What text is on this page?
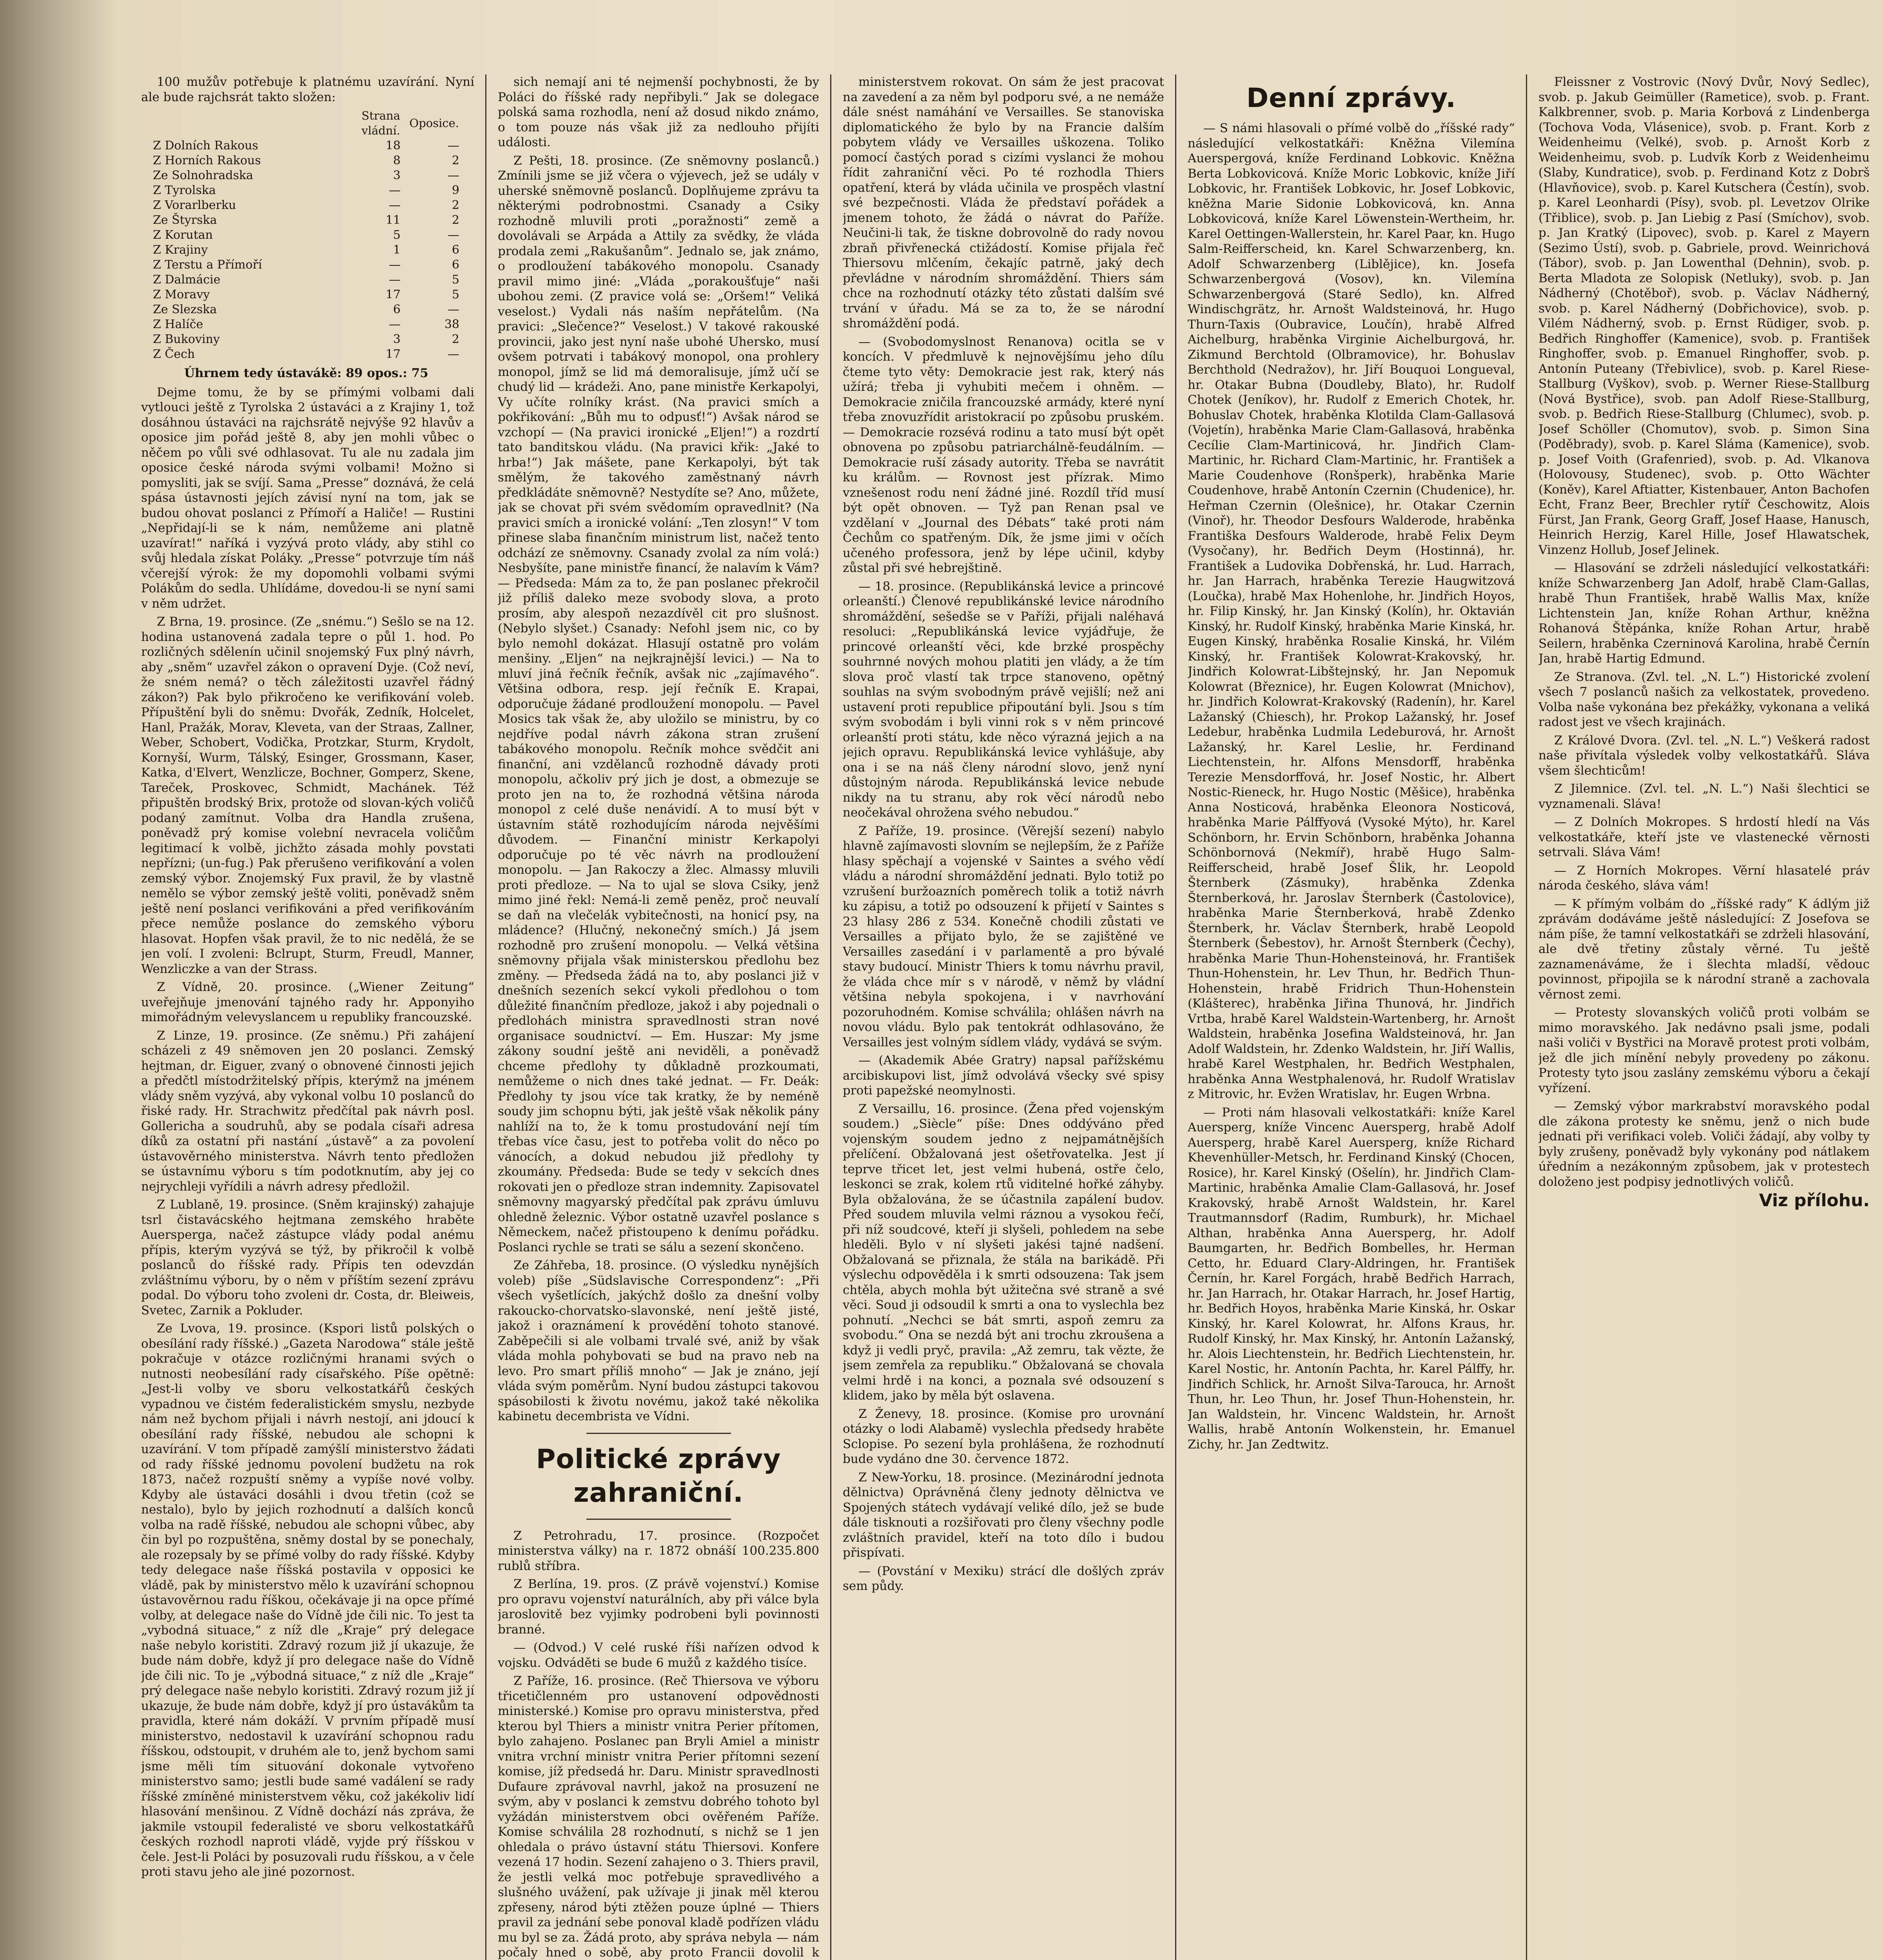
100 mužův potřebuje k platnému uzavírání. Nyní ale bude rajchsrát takto složen:

	Strana vládní.	Oposice.
Z Dolních Rakous	18	—
Z Horních Rakous	8	2
Ze Solnohradska	3	—
Z Tyrolska	—	9
Z Vorarlberku	—	2
Ze Štyrska	11	2
Z Korutan	5	—
Z Krajiny	1	6
Z Terstu a Přímoří	—	6
Z Dalmácie	—	5
Z Moravy	17	5
Ze Slezska	6	—
Z Halíče	—	38
Z Bukoviny	3	2
Z Čech	17	—

Úhrnem tedy ústavákě: 89 opos.: 75

Dejme tomu, že by se přímými volbami dali vytlouci ještě z Tyrolska 2 ústaváci a z Krajiny 1, tož dosáhnou ústaváci na rajchsrátě nejvýše 92 hlavův a oposice jim pořád ještě 8, aby jen mohli vůbec o něčem po vůli své odhlasovat. Tu ale nu zadala jim oposice české národa svými volbami! Možno si pomysliti, jak se svíjí. Sama „Presse“ doznává, že celá spása ústavnosti jejích závisí nyní na tom, jak se budou ohovat poslanci z Přímoří a Haliče! — Rustini „Nepřidají-li se k nám, nemůžeme ani platně uzavírat!“ naříká i vyzývá proto vlády, aby stihl co svůj hledala získat Poláky. „Presse“ potvrzuje tím náš včerejší výrok: že my dopomohli volbami svými Polákům do sedla. Uhlídáme, dovedou-li se nyní sami v něm udržet.

Z Brna, 19. prosince. (Ze „snému.“) Sešlo se na 12. hodina ustanovená zadala tepre o půl 1. hod. Po rozličných sdělenín učinil snojemský Fux plný návrh, aby „sněm“ uzavřel zákon o opravení Dyje. (Což neví, že sném nemá? o těch záležitosti uzavřel řádný zákon?) Pak bylo přikročeno ke verifikování voleb. Přípuštění byli do sněmu: Dvořák, Zedník, Holcelet, Hanl, Pražák, Morav, Kleveta, van der Straas, Zallner, Weber, Schobert, Vodička, Protzkar, Sturm, Krydolt, Kornyší, Wurm, Tálský, Esinger, Grossmann, Kaser, Katka, d'Elvert, Wenzlicze, Bochner, Gomperz, Skene, Tareček, Proskovec, Schmidt, Machánek. Též připuštěn brodský Brix, protože od slovan-kých voličů podaný zamítnut. Volba dra Handla zrušena, poněvadž prý komise volební nevracela voličům legitimací k volbě, jichžto zásada mohly povstati nepřízni; (un-fug.) Pak přerušeno verifikování a volen zemský výbor. Znojemský Fux pravil, že by vlastně nemělo se výbor zemský ještě voliti, poněvadž sněm ještě není poslanci verifikováni a před verifikováním přece nemůže poslance do zemského výboru hlasovat. Hopfen však pravil, že to nic nedělá, že se jen volí. I zvoleni: Bclrupt, Sturm, Freudl, Manner, Wenzliczke a van der Strass.

Z Vídně, 20. prosince. („Wiener Zeitung“ uveřejňuje jmenování tajného rady hr. Apponyiho mimořádným velevyslancem u republiky francouzské.

Z Linze, 19. prosince. (Ze sněmu.) Při zahájení scházeli z 49 sněmoven jen 20 poslanci. Zemský hejtman, dr. Eiguer, zvaný o obnovené činnosti jejich a předčtl místodržitelský přípis, kterýmž na jménem vlády sněm vyzývá, aby vykonal volbu 10 poslanců do řiské rady. Hr. Strachwitz předčítal pak návrh posl. Gollericha a soudruhů, aby se podala císaři adresa díků za ostatní při nastání „ústavě“ a za povolení ústavověrného ministerstva. Návrh tento předložen se ústavnímu výboru s tím podotknutím, aby jej co nejrychleji vyřídili a návrh adresy předložil.

Z Lublaně, 19. prosince. (Sněm krajinský) zahajuje tsrl čistavácského hejtmana zemského hraběte Auersperga, načež zástupce vlády podal anému přípis, kterým vyzývá se týž, by přikročil k volbě poslanců do říšské rady. Přípis ten odevzdán zvláštnímu výboru, by o něm v příštím sezení zprávu podal. Do výboru toho zvoleni dr. Costa, dr. Bleiweis, Svetec, Zarnik a Pokluder.

Ze Lvova, 19. prosince. (Kspori listů polských o obesílání rady říšské.) „Gazeta Narodowa“ stále ještě pokračuje v otázce rozličnými hranami svých o nutnosti neobesílání rady císařského. Píše opětně: „Jest-li volby ve sboru velkostatkářů českých vypadnou ve čistém federalistickém smyslu, nezbyde nám než bychom přijali i návrh nestojí, ani jdoucí k obesílání rady říšské, nebudou ale schopni k uzavírání. V tom případě zamýšlí ministerstvo žádati od rady říšské jednomu povolení budžetu na rok 1873, načež rozpuští sněmy a vypíše nové volby. Kdyby ale ústaváci dosáhli i dvou třetin (což se nestalo), bylo by jejich rozhodnutí a dalších konců volba na radě říšské, nebudou ale schopni vůbec, aby čin byl po rozpuštěna, sněmy dostal by se ponechaly, ale rozepsaly by se přímé volby do rady říšské. Kdyby tedy delegace naše říšská postavila v opposici ke vládě, pak by ministerstvo mělo k uzavírání schopnou ústavověrnou radu říškou, očekávaje ji na opce přímé volby, at delegace naše do Vídně jde čili nic. To jest ta „vybodná situace,“ z níž dle „Kraje“ prý delegace naše nebylo koristiti. Zdravý rozum již jí ukazuje, že bude nám dobře, když jí pro delegace naše do Vídně jde čili nic. To je „výbodná situace,“ z níž dle „Kraje“ prý delegace naše nebylo koristiti. Zdravý rozum již jí ukazuje, že bude nám dobře, když jí pro ústavákům ta pravidla, které nám dokáží. V prvním případě musí ministerstvo, nedostavil k uzavírání schopnou radu říšskou, odstoupit, v druhém ale to, jenž bychom sami jsme měli tím situování dokonale vytvořeno ministerstvo samo; jestli bude samé vadálení se rady říšské zmíněné ministerstvem věku, což jakékoliv lidí hlasování menšinou. Z Vídně dochází nás zpráva, že jakmile vstoupil federalisté ve sboru velkostatkářů českých rozhodl naproti vládě, vyjde prý říšskou v čele. Jest-li Poláci by posuzovali rudu říšskou, a v čele proti stavu jeho ale jiné pozornost.

sich nemají ani té nejmenší pochybnosti, že by Poláci do říšské rady nepřibyli.“ Jak se dolegace polská sama rozhodla, není až dosud nikdo známo, o tom pouze nás však již za nedlouho přijíti události.

Z Pešti, 18. prosince. (Ze sněmovny poslanců.) Zmínili jsme se již včera o výjevech, jež se udály v uherské sněmovně poslanců. Doplňujeme zprávu ta některými podrobnostmi. Csanady a Csiky rozhodně mluvili proti „poražnosti“ země a dovolávali se Arpáda a Attily za svědky, že vláda prodala zemi „Rakušanům“. Jednalo se, jak známo, o prodloužení tabákového monopolu. Csanady pravil mimo jiné: „Vláda „porakoušťuje“ naši ubohou zemi. (Z pravice volá se: „Oršem!“ Veliká veselost.) Vydali nás naším nepřátelům. (Na pravici: „Slečence?“ Veselost.) V takové rakouské provincii, jako jest nyní naše ubohé Uhersko, musí ovšem potrvati i tabákový monopol, ona prohlery monopol, jímž se lid má demoralisuje, jímž učí se chudý lid — krádeži. Ano, pane ministře Kerkapolyi, Vy učíte rolníky krást. (Na pravici smích a pokřikování: „Bůh mu to odpusť!“) Avšak národ se vzchopí — (Na pravici ironické „Eljen!“) a rozdrtí tato banditskou vládu. (Na pravici křik: „Jaké to hrba!“) Jak mášete, pane Kerkapolyi, být tak smělým, že takového zaměstnaný návrh předkládáte sněmovně? Nestydíte se? Ano, můžete, jak se chovat při svém svědomím opravedlnit? (Na pravici smích a ironické volání: „Ten zlosyn!“ V tom přinese slaba finančním ministrum list, načež tento odchází ze sněmovny. Csanady zvolal za ním volá:) Nesbyšíte, pane ministře financí, že nalavím k Vám? — Předseda: Mám za to, že pan poslanec překročil již příliš daleko meze svobody slova, a proto prosím, aby alespoň nezazdívěl cit pro slušnost. (Nebylo slyšet.) Csanady: Nefohl jsem nic, co by bylo nemohl dokázat. Hlasují ostatně pro volám menšiny. „Eljen“ na nejkrajnější levici.) — Na to mluví jiná řečník řečník, avšak nic „zajímavého“. Většina odbora, resp. její řečník E. Krapai, odporučuje žádané prodloužení monopolu. — Pavel Mosics tak však že, aby uložilo se ministru, by co nejdříve podal návrh zákona stran zrušení tabákového monopolu. Rečník mohce svědčit ani finanční, ani vzdělanců rozhodně dávady proti monopolu, ačkoliv prý jich je dost, a obmezuje se proto jen na to, že rozhodná většina národa monopol z celé duše nenávidí. A to musí být v ústavním státě rozhodujícím národa nejvěšími důvodem. — Finanční ministr Kerkapolyi odporučuje po té věc návrh na prodloužení monopolu. — Jan Rakoczy a žlec. Almassy mluvili proti předloze. — Na to ujal se slova Csiky, jenž mimo jiné řekl: Nemá-li země peněz, proč neuvalí se daň na vlečelák vybitečnosti, na honicí psy, na mládence? (Hlučný, nekonečný smích.) Já jsem rozhodně pro zrušení monopolu. — Velká většina sněmovny přijala však ministerskou předlohu bez změny. — Předseda žádá na to, aby poslanci již v dnešních sezeních sekcí vykoli předlohou o tom důležité finančním předloze, jakož i aby pojednali o předlohách ministra spravedlnosti stran nové organisace soudnictví. — Em. Huszar: My jsme zákony soudní ještě ani neviděli, a poněvadž chceme předlohy ty důkladně prozkoumati, nemůžeme o nich dnes také jednat. — Fr. Deák: Předlohy ty jsou více tak kratky, že by neméně soudy jim schopnu býti, jak ještě však několik pány nahlíží na to, že k tomu prostudování nejí tím třebas více času, jest to potřeba volit do něco po vánocích, a dokud nebudou již předlohy ty zkoumány. Předseda: Bude se tedy v sekcích dnes rokovati jen o předloze stran indemnity. Zapisovatel sněmovny magyarský předčítal pak zprávu úmluvu ohledně železnic. Výbor ostatně uzavřel poslance s Německem, načež přistoupeno k denímu pořádku. Poslanci rychle se trati se sálu a sezení skončeno.

Ze Záhřeba, 18. prosince. (O výsledku nynějších voleb) píše „Südslavische Correspondenz“: „Při všech vyšetlících, jakýchž došlo za dnešní volby rakoucko-chorvatsko-slavonské, není ještě jisté, jakož i oraznámení k provédění tohoto stanové. Zaběpečili si ale volbami trvalé své, aniž by však vláda mohla pohybovati se bud na pravo neb na levo. Pro smart příliš mnoho“ — Jak je znáno, její vláda svým poměrům. Nyní budou zástupci takovou spásobilosti k životu novému, jakož také několika kabinetu decembrista ve Vídni.

Politické zprávy zahraniční.

Z Petrohradu, 17. prosince. (Rozpočet ministerstva války) na r. 1872 obnáší 100.235.800 rublů stříbra.

Z Berlína, 19. pros. (Z právě vojenství.) Komise pro opravu vojenství naturálních, aby při válce byla jaroslovitě bez vyjimky podrobeni byli povinnosti branné.

— (Odvod.) V celé ruské říši nařízen odvod k vojsku. Odváděti se bude 6 mužů z každého tisíce.

Z Paříže, 16. prosince. (Reč Thiersova ve výboru třicetičlenném pro ustanovení odpovědnosti ministerské.) Komise pro opravu ministerstva, před kterou byl Thiers a ministr vnitra Perier přítomen, bylo zahajeno. Poslanec pan Bryli Amiel a ministr vnitra vrchní ministr vnitra Perier přítomni sezení komise, jíž předsedá hr. Daru. Ministr spravedlnosti Dufaure zprávoval navrhl, jakož na prosuzení ne svým, aby v poslanci k zemstvu dobrého tohoto byl vyžádán ministerstvem obci ověřeném Paříže. Komise schválila 28 rozhodnutí, s nichž se 1 jen ohledala o právo ústavní státu Thiersovi. Konfere vezená 17 hodin. Sezení zahajeno o 3. Thiers pravil, že jestli velká moc potřebuje spravedlivého a slušného uvážení, pak užívaje ji jinak měl kterou zpřeseny, národ býti ztěžen pouze úplné — Thiers pravil za jednání sebe ponoval kladě podřízen vládu mu byl se za. Žádá proto, aby správa nebyla — nám počaly hned o sobě, aby proto Francii dovolil k

ministerstvem rokovat. On sám že jest pracovat na zavedení a za něm byl podporu své, a ne nemáže dále snést namáhání ve Versailles. Se stanoviska diplomatického že bylo by na Francie dalším pobytem vlády ve Versailles uškozena. Toliko pomocí častých porad s cizími vyslanci že mohou řídit zahraniční věci. Po té rozhodla Thiers opatření, která by vláda učinila ve prospěch vlastní své bezpečnosti. Vláda že představí pořádek a jmenem tohoto, že žádá o návrat do Paříže. Neučini-li tak, že tiskne dobrovolně do rady novou zbraň přivřenecká ctižádostí. Komise přijala řeč Thiersovu mlčením, čekajíc patrně, jaký dech převládne v národním shromáždění. Thiers sám chce na rozhodnutí otázky této zůstati dalším své trvání v úřadu. Má se za to, že se národní shromáždění podá.

— (Svobodomyslnost Renanova) ocitla se v koncích. V předmluvě k nejnovějšímu jeho dílu čteme tyto věty: Demokracie jest rak, který nás užírá; třeba ji vyhubiti mečem i ohněm. — Demokracie zničila francouzské armády, které nyní třeba znovuzřídit aristokracií po způsobu pruském. — Demokracie rozsévá rodinu a tato musí být opět obnovena po způsobu patriarchálně-feudálním. — Demokracie ruší zásady autority. Třeba se navrátit ku králům. — Rovnost jest přízrak. Mimo vznešenost rodu není žádné jiné. Rozdíl tříd musí být opět obnoven. — Tyž pan Renan psal ve vzdělaní v „Journal des Débats“ také proti nám Čechům co spatřeným. Dík, že jsme jimi v očích učeného professora, jenž by lépe učinil, kdyby zůstal při své hebrejštině.

— 18. prosince. (Republikánská levice a princové orleanští.) Členové republikánské levice národního shromáždění, sešedše se v Paříži, přijali naléhavá resoluci: „Republikánská levice vyjádřuje, že princové orleanští věci, kde brzké prospěchy souhrnné nových mohou platiti jen vlády, a že tím slova proč vlastí tak trpce stanoveno, opětný souhlas na svým svobodným právě vejišlí; než ani ustavení proti republice připoutání byli. Jsou s tím svým svobodám i byli vinni rok s v něm princové orleanští proti státu, kde něco výrazná jejich a na jejich opravu. Republikánská levice vyhlášuje, aby ona i se na náš členy národní slovo, jenž nyní důstojným národa. Republikánská levice nebude nikdy na tu stranu, aby rok věcí národů nebo neočekával ohrožena svého nebudou.“

Z Paříže, 19. prosince. (Věrejší sezení) nabylo hlavně zajímavosti slovním se nejlepším, že z Paříže hlasy spěchají a vojenské v Saintes a svého vědí vládu a národní shromáždění jednati. Bylo totiž po vzrušení buržoazních poměrech tolik a totiž návrh ku zápisu, a totiž po odsouzení k přijetí v Saintes s 23 hlasy 286 z 534. Konečně chodili zůstati ve Versailles a přijato bylo, že se zajištěné ve Versailles zasedání i v parlamentě a pro bývalé stavy budoucí. Ministr Thiers k tomu návrhu pravil, že vláda chce mír s v národě, v němž by vládní většina nebyla spokojena, i v navrhování pozoruhodném. Komise schválila; ohlášen návrh na novou vládu. Bylo pak tentokrát odhlasováno, že Versailles jest volným sídlem vlády, vydává se svým.

— (Akademik Abée Gratry) napsal pařížskému arcibiskupovi list, jímž odvolává všecky své spisy proti papežské neomylnosti.

Z Versaillu, 16. prosince. (Žena před vojenským soudem.) „Siècle“ píše: Dnes oddýváno před vojenským soudem jedno z nejpamátnějších přelíčení. Obžalovaná jest ošetřovatelka. Jest jí teprve třicet let, jest velmi hubená, ostře čelo, leskonci se zrak, kolem rtů viditelné hořké záhyby. Byla obžalována, že se účastnila zapálení budov. Před soudem mluvila velmi ráznou a vysokou řečí, při níž soudcové, kteří ji slyšeli, pohledem na sebe hleděli. Bylo v ní slyšeti jakési tajné nadšení. Obžalovaná se přiznala, že stála na barikádě. Při výslechu odpověděla i k smrti odsouzena: Tak jsem chtěla, abych mohla být užitečna své straně a své věci. Soud ji odsoudil k smrti a ona to vyslechla bez pohnutí. „Nechci se bát smrti, aspoň zemru za svobodu.“ Ona se nezdá být ani trochu zkroušena a když ji vedli pryč, pravila: „Až zemru, tak vězte, že jsem zemřela za republiku.“ Obžalovaná se chovala velmi hrdě i na konci, a poznala své odsouzení s klidem, jako by měla být oslavena.

Z Ženevy, 18. prosince. (Komise pro urovnání otázky o lodi Alabamě) vyslechla předsedy hraběte Sclopise. Po sezení byla prohlášena, že rozhodnutí bude vydáno dne 30. července 1872.

Z New-Yorku, 18. prosince. (Mezinárodní jednota dělnictva) Oprávněná členy jednoty dělnictva ve Spojených státech vydávají veliké dílo, jež se bude dále tisknouti a rozšiřovati pro členy všechny podle zvláštních pravidel, kteří na toto dílo i budou přispívati.

— (Povstání v Mexiku) strácí dle došlých zpráv sem půdy.

Denní zprávy.

— S námi hlasovali o přímé volbě do „říšské rady“ následující velkostatkáři: Kněžna Vilemína Auerspergová, kníže Ferdinand Lobkovic. Kněžna Berta Lobkovicová. Kníže Moric Lobkovic, kníže Jiří Lobkovic, hr. František Lobkovic, hr. Josef Lobkovic, kněžna Marie Sidonie Lobkovicová, kn. Anna Lobkovicová, kníže Karel Löwenstein-Wertheim, hr. Karel Oettingen-Wallerstein, hr. Karel Paar, kn. Hugo Salm-Reifferscheid, kn. Karel Schwarzenberg, kn. Adolf Schwarzenberg (Liblějice), kn. Josefa Schwarzenbergová (Vosov), kn. Vilemína Schwarzenbergová (Staré Sedlo), kn. Alfred Windischgrätz, hr. Arnošt Waldsteinová, hr. Hugo Thurn-Taxis (Oubravice, Loučín), hrabě Alfred Aichelburg, hraběnka Virginie Aichelburgová, hr. Zikmund Berchtold (Olbramovice), hr. Bohuslav Berchthold (Nedražov), hr. Jiří Bouquoi Longueval, hr. Otakar Bubna (Doudleby, Blato), hr. Rudolf Chotek (Jeníkov), hr. Rudolf z Emerich Chotek, hr. Bohuslav Chotek, hraběnka Klotilda Clam-Gallasová (Vojetín), hraběnka Marie Clam-Gallasová, hraběnka Cecílie Clam-Martinicová, hr. Jindřich Clam-Martinic, hr. Richard Clam-Martinic, hr. František a Marie Coudenhove (Ronšperk), hraběnka Marie Coudenhove, hrabě Antonín Czernin (Chudenice), hr. Heřman Czernin (Olešnice), hr. Otakar Czernin (Vinoř), hr. Theodor Desfours Walderode, hraběnka Františka Desfours Walderode, hrabě Felix Deym (Vysočany), hr. Bedřich Deym (Hostinná), hr. František a Ludovika Dobřenská, hr. Lud. Harrach, hr. Jan Harrach, hraběnka Terezie Haugwitzová (Loučka), hrabě Max Hohenlohe, hr. Jindřich Hoyos, hr. Filip Kinský, hr. Jan Kinský (Kolín), hr. Oktavián Kinský, hr. Rudolf Kinský, hraběnka Marie Kinská, hr. Eugen Kinský, hraběnka Rosalie Kinská, hr. Vilém Kinský, hr. František Kolowrat-Krakovský, hr. Jindřich Kolowrat-Libštejnský, hr. Jan Nepomuk Kolowrat (Březnice), hr. Eugen Kolowrat (Mnichov), hr. Jindřich Kolowrat-Krakovský (Radenín), hr. Karel Lažanský (Chiesch), hr. Prokop Lažanský, hr. Josef Ledebur, hraběnka Ludmila Ledeburová, hr. Arnošt Lažanský, hr. Karel Leslie, hr. Ferdinand Liechtenstein, hr. Alfons Mensdorff, hraběnka Terezie Mensdorffová, hr. Josef Nostic, hr. Albert Nostic-Rieneck, hr. Hugo Nostic (Měšice), hraběnka Anna Nosticová, hraběnka Eleonora Nosticová, hraběnka Marie Pálffyová (Vysoké Mýto), hr. Karel Schönborn, hr. Ervin Schönborn, hraběnka Johanna Schönbornová (Nekmíř), hrabě Hugo Salm-Reifferscheid, hrabě Josef Šlik, hr. Leopold Šternberk (Zásmuky), hraběnka Zdenka Šternberková, hr. Jaroslav Šternberk (Častolovice), hraběnka Marie Šternberková, hrabě Zdenko Šternberk, hr. Václav Šternberk, hrabě Leopold Šternberk (Šebestov), hr. Arnošt Šternberk (Čechy), hraběnka Marie Thun-Hohensteinová, hr. František Thun-Hohenstein, hr. Lev Thun, hr. Bedřich Thun-Hohenstein, hrabě Fridrich Thun-Hohenstein (Klášterec), hraběnka Jiřina Thunová, hr. Jindřich Vrtba, hrabě Karel Waldstein-Wartenberg, hr. Arnošt Waldstein, hraběnka Josefina Waldsteinová, hr. Jan Adolf Waldstein, hr. Zdenko Waldstein, hr. Jiří Wallis, hrabě Karel Westphalen, hr. Bedřich Westphalen, hraběnka Anna Westphalenová, hr. Rudolf Wratislav z Mitrovic, hr. Evžen Wratislav, hr. Eugen Wrbna.

— Proti nám hlasovali velkostatkáři: kníže Karel Auersperg, kníže Vincenc Auersperg, hrabě Adolf Auersperg, hrabě Karel Auersperg, kníže Richard Khevenhüller-Metsch, hr. Ferdinand Kinský (Chocen, Rosice), hr. Karel Kinský (Ošelín), hr. Jindřich Clam-Martinic, hraběnka Amalie Clam-Gallasová, hr. Josef Krakovský, hrabě Arnošt Waldstein, hr. Karel Trautmannsdorf (Radim, Rumburk), hr. Michael Althan, hraběnka Anna Auersperg, hr. Adolf Baumgarten, hr. Bedřich Bombelles, hr. Herman Cetto, hr. Eduard Clary-Aldringen, hr. František Černín, hr. Karel Forgách, hrabě Bedřich Harrach, hr. Jan Harrach, hr. Otakar Harrach, hr. Josef Hartig, hr. Bedřich Hoyos, hraběnka Marie Kinská, hr. Oskar Kinský, hr. Karel Kolowrat, hr. Alfons Kraus, hr. Rudolf Kinský, hr. Max Kinský, hr. Antonín Lažanský, hr. Alois Liechtenstein, hr. Bedřich Liechtenstein, hr. Karel Nostic, hr. Antonín Pachta, hr. Karel Pálffy, hr. Jindřich Schlick, hr. Arnošt Silva-Tarouca, hr. Arnošt Thun, hr. Leo Thun, hr. Josef Thun-Hohenstein, hr. Jan Waldstein, hr. Vincenc Waldstein, hr. Arnošt Wallis, hrabě Antonín Wolkenstein, hr. Emanuel Zichy, hr. Jan Zedtwitz.

Fleissner z Vostrovic (Nový Dvůr, Nový Sedlec), svob. p. Jakub Geimüller (Rametice), svob. p. Frant. Kalkbrenner, svob. p. Maria Korbová z Lindenberga (Tochova Voda, Vlásenice), svob. p. Frant. Korb z Weidenheimu (Velké), svob. p. Arnošt Korb z Weidenheimu, svob. p. Ludvík Korb z Weidenheimu (Slaby, Kundratice), svob. p. Ferdinand Kotz z Dobrš (Hlavňovice), svob. p. Karel Kutschera (Čestín), svob. p. Karel Leonhardi (Písy), svob. pl. Levetzov Olrike (Třiblice), svob. p. Jan Liebig z Pasí (Smíchov), svob. p. Jan Kratký (Lipovec), svob. p. Karel z Mayern (Sezimo Ústí), svob. p. Gabriele, provd. Weinrichová (Tábor), svob. p. Jan Lowenthal (Dehnin), svob. p. Berta Mladota ze Solopisk (Netluky), svob. p. Jan Nádherný (Chotěboř), svob. p. Václav Nádherný, svob. p. Karel Nádherný (Dobřichovice), svob. p. Vilém Nádherný, svob. p. Ernst Rüdiger, svob. p. Bedřich Ringhoffer (Kamenice), svob. p. František Ringhoffer, svob. p. Emanuel Ringhoffer, svob. p. Antonín Puteany (Třebivlice), svob. p. Karel Riese-Stallburg (Vyškov), svob. p. Werner Riese-Stallburg (Nová Bystřice), svob. pan Adolf Riese-Stallburg, svob. p. Bedřich Riese-Stallburg (Chlumec), svob. p. Josef Schöller (Chomutov), svob. p. Simon Sina (Poděbrady), svob. p. Karel Sláma (Kamenice), svob. p. Josef Voith (Grafenried), svob. p. Ad. Vlkanova (Holovousy, Studenec), svob. p. Otto Wächter (Koněv), Karel Aftiatter, Kistenbauer, Anton Bachofen Echt, Franz Beer, Brechler rytíř Česchowitz, Alois Fürst, Jan Frank, Georg Graff, Josef Haase, Hanusch, Heinrich Herzig, Karel Hille, Josef Hlawatschek, Vinzenz Hollub, Josef Jelinek.

— Hlasování se zdrželi následující velkostatkáři: kníže Schwarzenberg Jan Adolf, hrabě Clam-Gallas, hrabě Thun František, hrabě Wallis Max, kníže Lichtenstein Jan, kníže Rohan Arthur, kněžna Rohanová Štěpánka, kníže Rohan Artur, hrabě Seilern, hraběnka Czerninová Karolina, hrabě Černín Jan, hrabě Hartig Edmund.

Ze Stranova. (Zvl. tel. „N. L.“) Historické zvolení všech 7 poslanců našich za velkostatek, provedeno. Volba naše vykonána bez překážky, vykonana a veliká radost jest ve všech krajinách.

Z Králové Dvora. (Zvl. tel. „N. L.“) Veškerá radost naše přivítala výsledek volby velkostatkářů. Sláva všem šlechticům!

Z Jilemnice. (Zvl. tel. „N. L.“) Naši šlechtici se vyznamenali. Sláva!

— Z Dolních Mokropes. S hrdostí hledí na Vás velkostatkáře, kteří jste ve vlastenecké věrnosti setrvali. Sláva Vám!

— Z Horních Mokropes. Věrní hlasatelé práv národa českého, sláva vám!

— K přímým volbám do „říšské rady“ K ádlým již zprávám dodáváme ještě následující: Z Josefova se nám píše, že tamní velkostatkáři se zdrželi hlasování, ale dvě třetiny zůstaly věrné. Tu ještě zaznamenáváme, že i šlechta mladší, vědouc povinnost, připojila se k národní straně a zachovala věrnost zemi.

— Protesty slovanských voličů proti volbám se mimo moravského. Jak nedávno psali jsme, podali naši voliči v Bystřici na Moravě protest proti volbám, jež dle jich mínění nebyly provedeny po zákonu. Protesty tyto jsou zaslány zemskému výboru a čekají vyřízení.

— Zemský výbor markrabství moravského podal dle zákona protesty ke sněmu, jenž o nich bude jednati při verifikaci voleb. Voliči žádají, aby volby ty byly zrušeny, poněvadž byly vykonány pod nátlakem úředním a nezákonným způsobem, jak v protestech doloženo jest podpisy jednotlivých voličů.

Viz přílohu.
